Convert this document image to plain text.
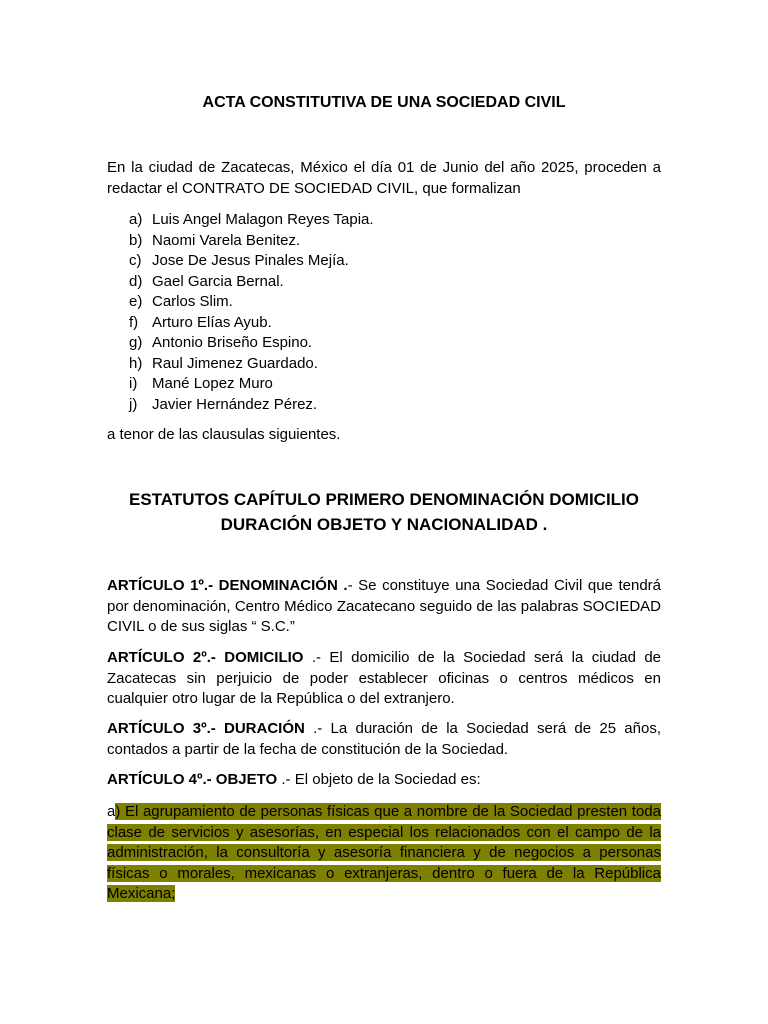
ACTA CONSTITUTIVA DE UNA SOCIEDAD CIVIL

En la ciudad de Zacatecas, México el día 01 de Junio del año 2025, proceden a redactar el CONTRATO DE SOCIEDAD CIVIL, que formalizan

a) Luis Angel Malagon Reyes Tapia.
b) Naomi Varela Benitez.
c) Jose De Jesus Pinales Mejía.
d) Gael Garcia Bernal.
e) Carlos Slim.
f) Arturo Elías Ayub.
g) Antonio Briseño Espino.
h) Raul Jimenez Guardado.
i) Mané Lopez Muro
j) Javier Hernández Pérez.

a tenor de las clausulas siguientes.

ESTATUTOS CAPÍTULO PRIMERO DENOMINACIÓN DOMICILIO
DURACIÓN OBJETO Y NACIONALIDAD .

ARTÍCULO 1º.- DENOMINACIÓN .- Se constituye una Sociedad Civil que tendrá por denominación, Centro Médico Zacatecano seguido de las palabras SOCIEDAD CIVIL o de sus siglas “ S.C.”

ARTÍCULO 2º.- DOMICILIO .- El domicilio de la Sociedad será la ciudad de Zacatecas sin perjuicio de poder establecer oficinas o centros médicos en cualquier otro lugar de la República o del extranjero.

ARTÍCULO 3º.- DURACIÓN .- La duración de la Sociedad será de 25 años, contados a partir de la fecha de constitución de la Sociedad.

ARTÍCULO 4º.- OBJETO .- El objeto de la Sociedad es:

a) El agrupamiento de personas físicas que a nombre de la Sociedad presten toda clase de servicios y asesorías, en especial los relacionados con el campo de la administración, la consultoría y asesoría financiera y de negocios a personas físicas o morales, mexicanas o extranjeras, dentro o fuera de la República Mexicana;
